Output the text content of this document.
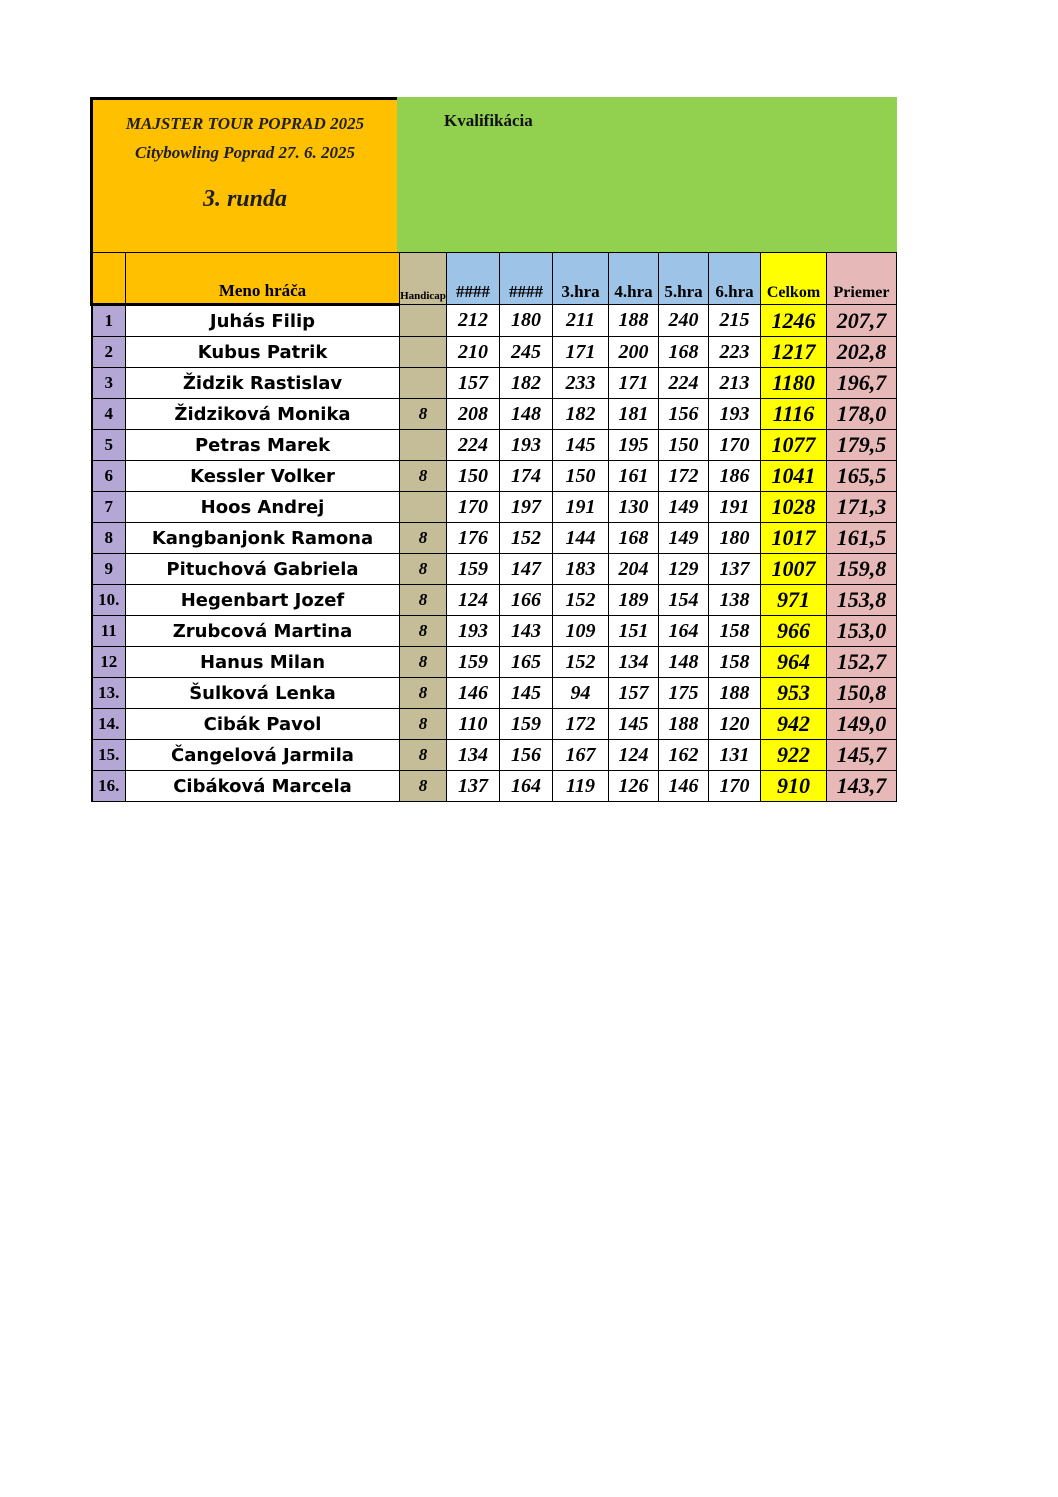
MAJSTER TOUR POPRAD 2025
Citybowling Poprad 27. 6. 2025
3. runda
Kvalifikácia
	Meno hráča	Handicap	####	####	3.hra	4.hra	5.hra	6.hra	Celkom	Priemer
1	Juhás Filip		212	180	211	188	240	215	1246	207,7
2	Kubus Patrik		210	245	171	200	168	223	1217	202,8
3	Židzik Rastislav		157	182	233	171	224	213	1180	196,7
4	Židziková Monika	8	208	148	182	181	156	193	1116	178,0
5	Petras Marek		224	193	145	195	150	170	1077	179,5
6	Kessler Volker	8	150	174	150	161	172	186	1041	165,5
7	Hoos Andrej		170	197	191	130	149	191	1028	171,3
8	Kangbanjonk Ramona	8	176	152	144	168	149	180	1017	161,5
9	Pituchová Gabriela	8	159	147	183	204	129	137	1007	159,8
10.	Hegenbart Jozef	8	124	166	152	189	154	138	971	153,8
11	Zrubcová Martina	8	193	143	109	151	164	158	966	153,0
12	Hanus Milan	8	159	165	152	134	148	158	964	152,7
13.	Šulková Lenka	8	146	145	94	157	175	188	953	150,8
14.	Cibák Pavol	8	110	159	172	145	188	120	942	149,0
15.	Čangelová Jarmila	8	134	156	167	124	162	131	922	145,7
16.	Cibáková Marcela	8	137	164	119	126	146	170	910	143,7
